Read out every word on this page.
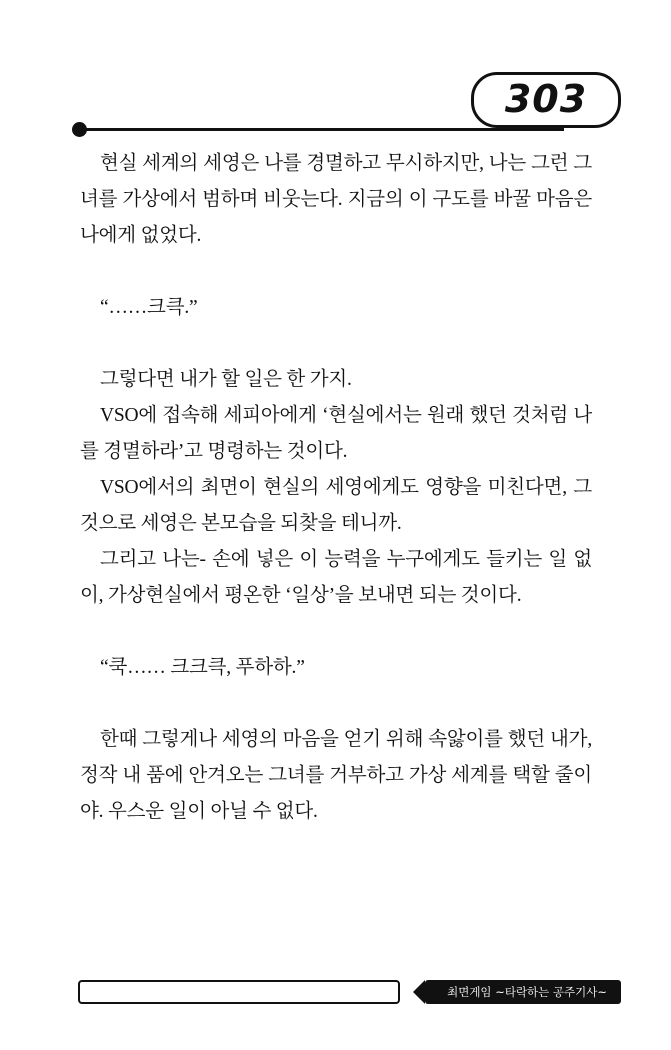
303

현실 세계의 세영은 나를 경멸하고 무시하지만, 나는 그런 그녀를 가상에서 범하며 비웃는다. 지금의 이 구도를 바꿀 마음은 나에게 없었다.

“……크큭.”

그렇다면 내가 할 일은 한 가지.

VSO에 접속해 세피아에게 ‘현실에서는 원래 했던 것처럼 나를 경멸하라’고 명령하는 것이다.

VSO에서의 최면이 현실의 세영에게도 영향을 미친다면, 그것으로 세영은 본모습을 되찾을 테니까.

그리고 나는- 손에 넣은 이 능력을 누구에게도 들키는 일 없이, 가상현실에서 평온한 ‘일상’을 보내면 되는 것이다.

“쿡…… 크크큭, 푸하하.”

한때 그렇게나 세영의 마음을 얻기 위해 속앓이를 했던 내가, 정작 내 품에 안겨오는 그녀를 거부하고 가상 세계를 택할 줄이야. 우스운 일이 아닐 수 없다.

최면게임 ~타락하는 공주기사~
